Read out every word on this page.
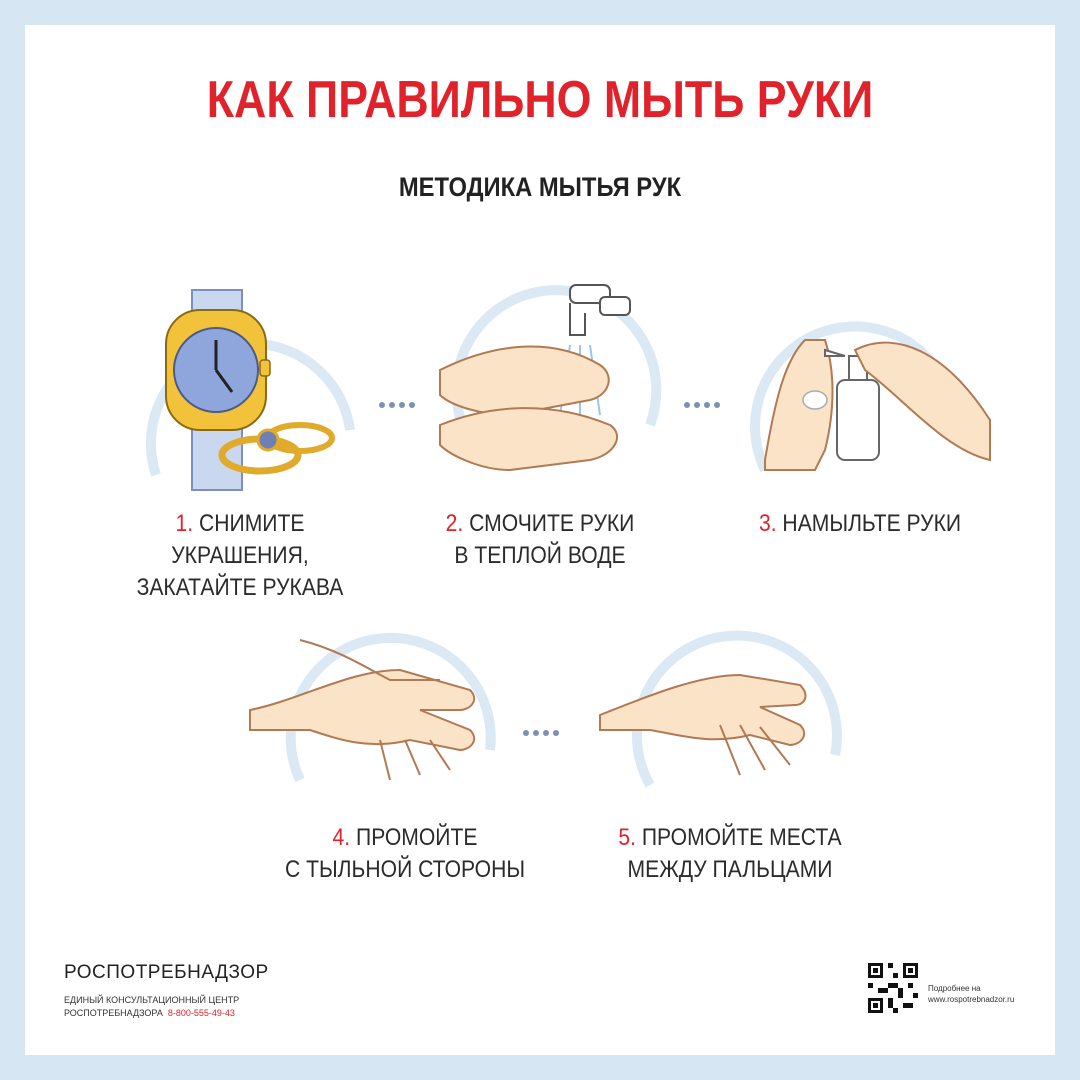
КАК ПРАВИЛЬНО МЫТЬ РУКИ
МЕТОДИКА МЫТЬЯ РУК
1. СНИМИТЕ УКРАШЕНИЯ,
ЗАКАТАЙТЕ РУКАВА
2. СМОЧИТЕ РУКИ
В ТЕПЛОЙ ВОДЕ
3. НАМЫЛЬТЕ РУКИ
4. ПРОМОЙТЕ
С ТЫЛЬНОЙ СТОРОНЫ
5. ПРОМОЙТЕ МЕСТА
МЕЖДУ ПАЛЬЦАМИ
РОСПОТРЕБНАДЗОР
ЕДИНЫЙ КОНСУЛЬТАЦИОННЫЙ ЦЕНТР
РОСПОТРЕБНАДЗОРА 8-800-555-49-43
Подробнее на
www.rospotrebnadzor.ru
